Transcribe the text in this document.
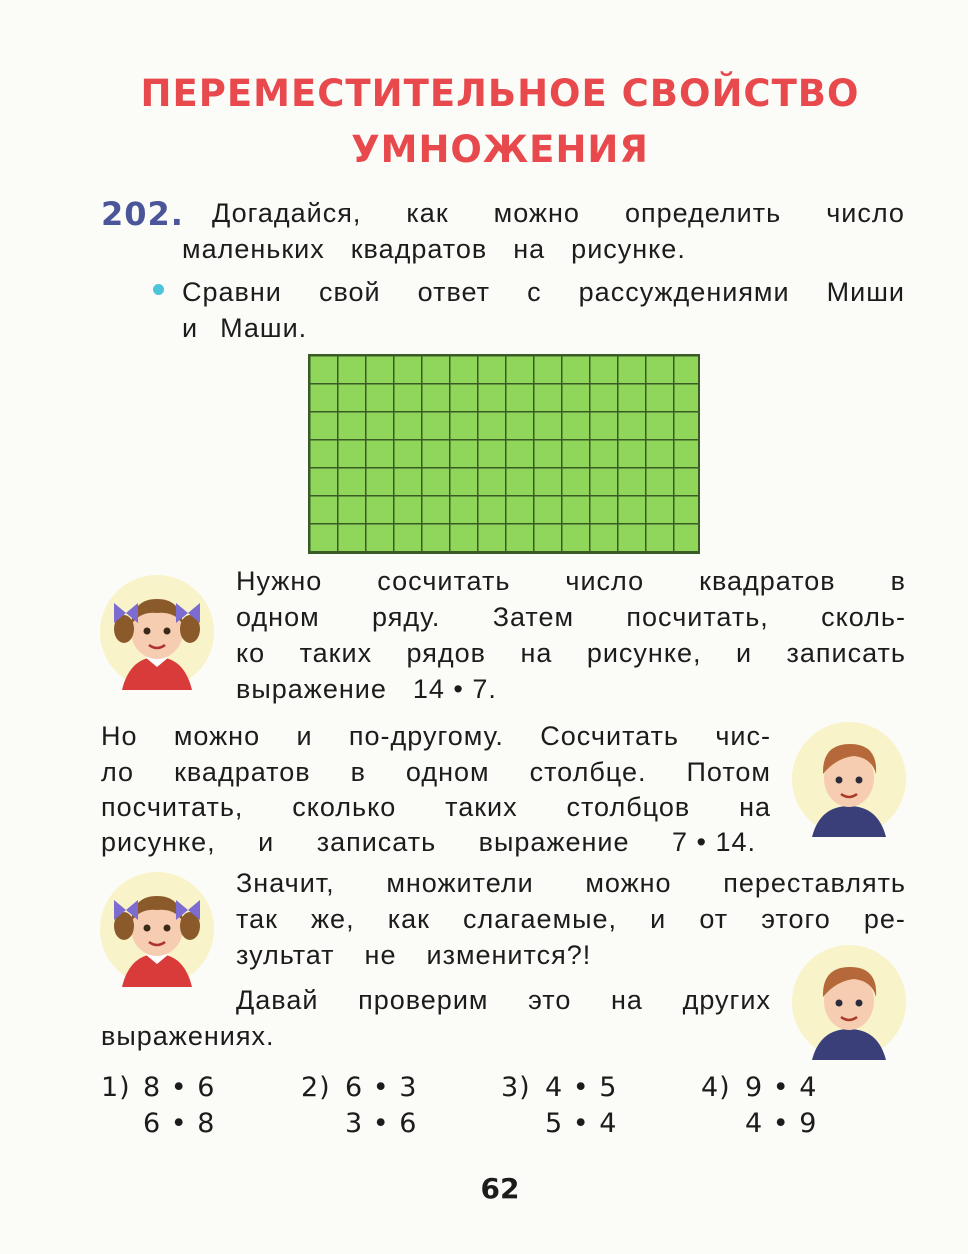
ПЕРЕМЕСТИТЕЛЬНОЕ СВОЙСТВО
УМНОЖЕНИЯ
202. Догадайся, как можно определить число
маленьких квадратов на рисунке.
Сравни свой ответ с рассуждениями Миши
и Маши.
Нужно сосчитать число квадратов в
одном ряду. Затем посчитать, сколь-
ко таких рядов на рисунке, и записать
выражение 14 • 7.
Но можно и по-другому. Сосчитать чис-
ло квадратов в одном столбце. Потом
посчитать, сколько таких столбцов на
рисунке, и записать выражение 7 • 14.
Значит, множители можно переставлять
так же, как слагаемые, и от этого ре-
зультат не изменится?!
Давай проверим это на других
выражениях.
1) 8 • 6
6 • 8
2) 6 • 3
3 • 6
3) 4 • 5
5 • 4
4) 9 • 4
4 • 9
62
